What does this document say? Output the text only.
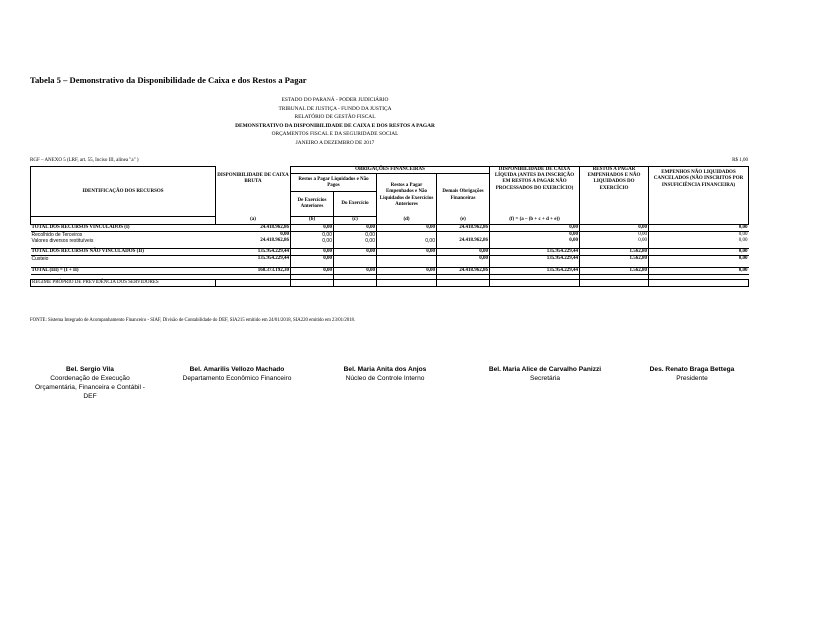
Tabela 5 – Demonstrativo da Disponibilidade de Caixa e dos Restos a Pagar
ESTADO DO PARANÁ - PODER JUDICIÁRIO
TRIBUNAL DE JUSTIÇA - FUNDO DA JUSTIÇA
RELATÓRIO DE GESTÃO FISCAL
DEMONSTRATIVO DA DISPONIBILIDADE DE CAIXA E DOS RESTOS A PAGAR
ORÇAMENTOS FISCAL E DA SEGURIDADE SOCIAL
JANEIRO A DEZEMBRO DE 2017
RGF – ANEXO 5 (LRF, art. 55, Inciso III, alínea "a" )	R$ 1,00
IDENTIFICAÇÃO DOS RECURSOS	DISPONIBILIDADE DE CAIXA BRUTA	OBRIGAÇÕES FINANCEIRAS				DISPONIBILIDADE DE CAIXA LÍQUIDA (ANTES DA INSCRIÇÃO EM RESTOS A PAGAR NÃO PROCESSADOS DO EXERCÍCIO)	RESTOS A PAGAR EMPENHADOS E NÃO LIQUIDADOS DO EXERCÍCIO	EMPENHOS NÃO LIQUIDADOS CANCELADOS (NÃO INSCRITOS POR INSUFICIÊNCIA FINANCEIRA)
		Restos a Pagar Liquidados e Não Pagos		Restos a Pagar Empenhados e Não Liquidados de Exercícios Anteriores	Demais Obrigações Financeiras			
		De Exercícios Anteriores	Do Exercício					
	(a)	(b)	(c)	(d)	(e)	(f) = (a – (b + c + d + e))		
TOTAL DOS RECURSOS VINCULADOS (I)	24.418.962,86	0,00	0,00	0,00	24.418.962,86	0,00	0,00	0,00
Recolhido de Terceiros	0,00	0,00	0,00			0,00	0,00	0,00
Valores diversos restituíveis	24.418.962,86	0,00	0,00	0,00	24.418.962,86	0,00	0,00	0,00

TOTAL DOS RECURSOS NÃO VINCULADOS (II)	135.954.229,44	0,00	0,00	0,00	0,00	135.954.229,44	1.562,80	0,00
Custeio	135.954.229,44	0,00			0,00	135.954.229,44	1.562,80	0,00

TOTAL (III) = (I + II)	160.373.192,30	0,00	0,00	0,00	24.418.962,86	135.954.229,44	1.562,80	0,00

REGIME PRÓPRIO DE PREVIDÊNCIA DOS SERVIDORES								
FONTE: Sistema Integrado de Acompanhamento Financeiro - SIAF, Divisão de Contabilidade do DEF, SIA215 emitido em 24/01/2018, SIA220 emitido em 23/01/2018.
Bel. Sergio Vila
Coordenação de Execução Orçamentária, Financeira e Contábil - DEF
Bel. Amarilis Vellozo Machado
Departamento Econômico Financeiro
Bel. Maria Anita dos Anjos
Núcleo de Controle Interno
Bel. Maria Alice de Carvalho Panizzi
Secretária
Des. Renato Braga Bettega
Presidente
